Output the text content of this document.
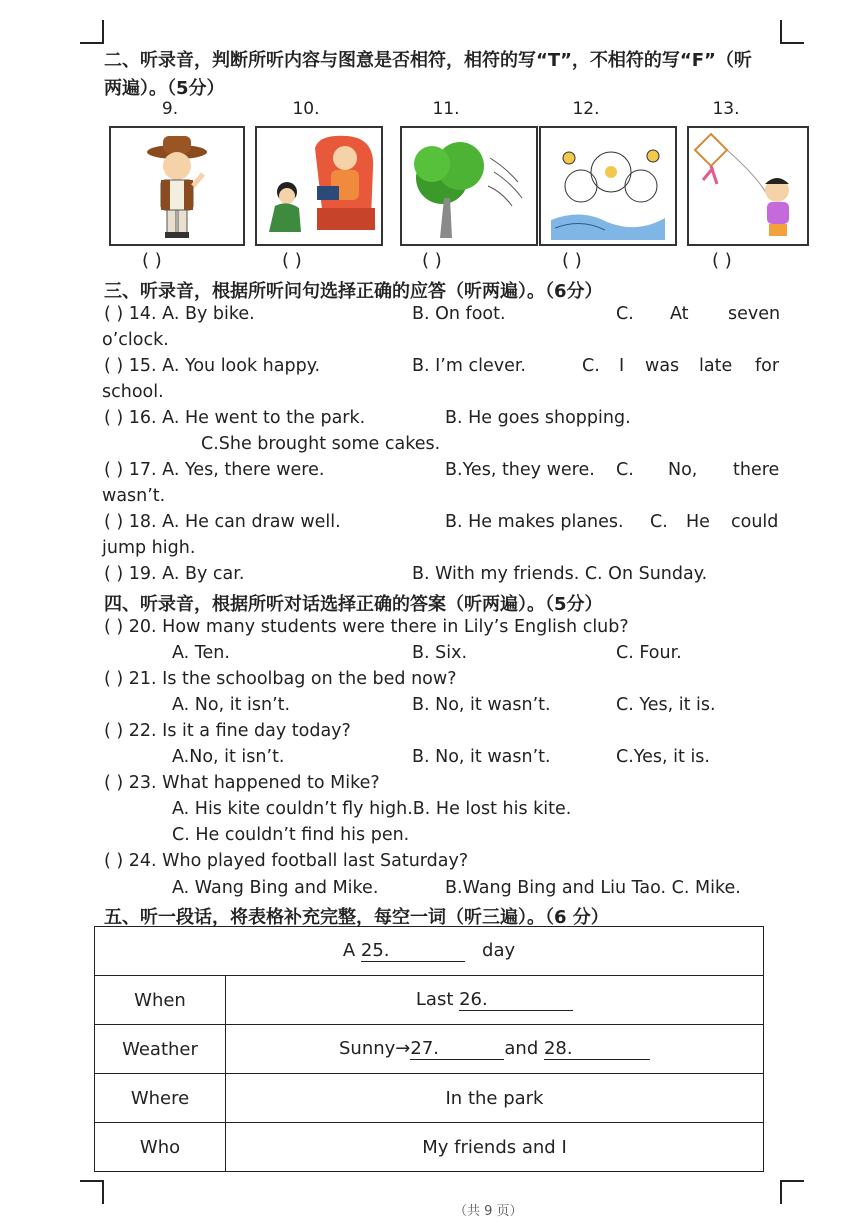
二、听录音，判断所听内容与图意是否相符，相符的写“T”，不相符的写“F”（听
两遍）。（5分）
9.	10.	11.	12.	13.
( )	( )	( )	( )	( )
三、听录音，根据所听问句选择正确的应答（听两遍）。（6分）
( ) 14. A. By bike.	B. On foot.	C. At seven
o’clock.
( ) 15. A. You look happy.	B. I’m clever.	C. I was late for
school.
( ) 16. A. He went to the park.	B. He goes shopping.
C.She brought some cakes.
( ) 17. A. Yes, there were.	B.Yes, they were. C. No, there
wasn’t.
( ) 18. A. He can draw well.	B. He makes planes. C. He could
jump high.
( ) 19. A. By car.	B. With my friends. C. On Sunday.
四、听录音，根据所听对话选择正确的答案（听两遍）。（5分）
( ) 20. How many students were there in Lily’s English club?
A. Ten.	B. Six.	C. Four.
( ) 21. Is the schoolbag on the bed now?
A. No, it isn’t.	B. No, it wasn’t.	C. Yes, it is.
( ) 22. Is it a fine day today?
A.No, it isn’t.	B. No, it wasn’t.	C.Yes, it is.
( ) 23. What happened to Mike?
A. His kite couldn’t fly high.B. He lost his kite.
C. He couldn’t find his pen.
( ) 24. Who played football last Saturday?
A. Wang Bing and Mike.	B.Wang Bing and Liu Tao. C. Mike.
五、听一段话，将表格补充完整，每空一词（听三遍）。（6 分）
A 25. day	
When	Last 26.
Weather	Sunny→27. and 28.
Where	In the park
Who	My friends and I
（共 9 页）
